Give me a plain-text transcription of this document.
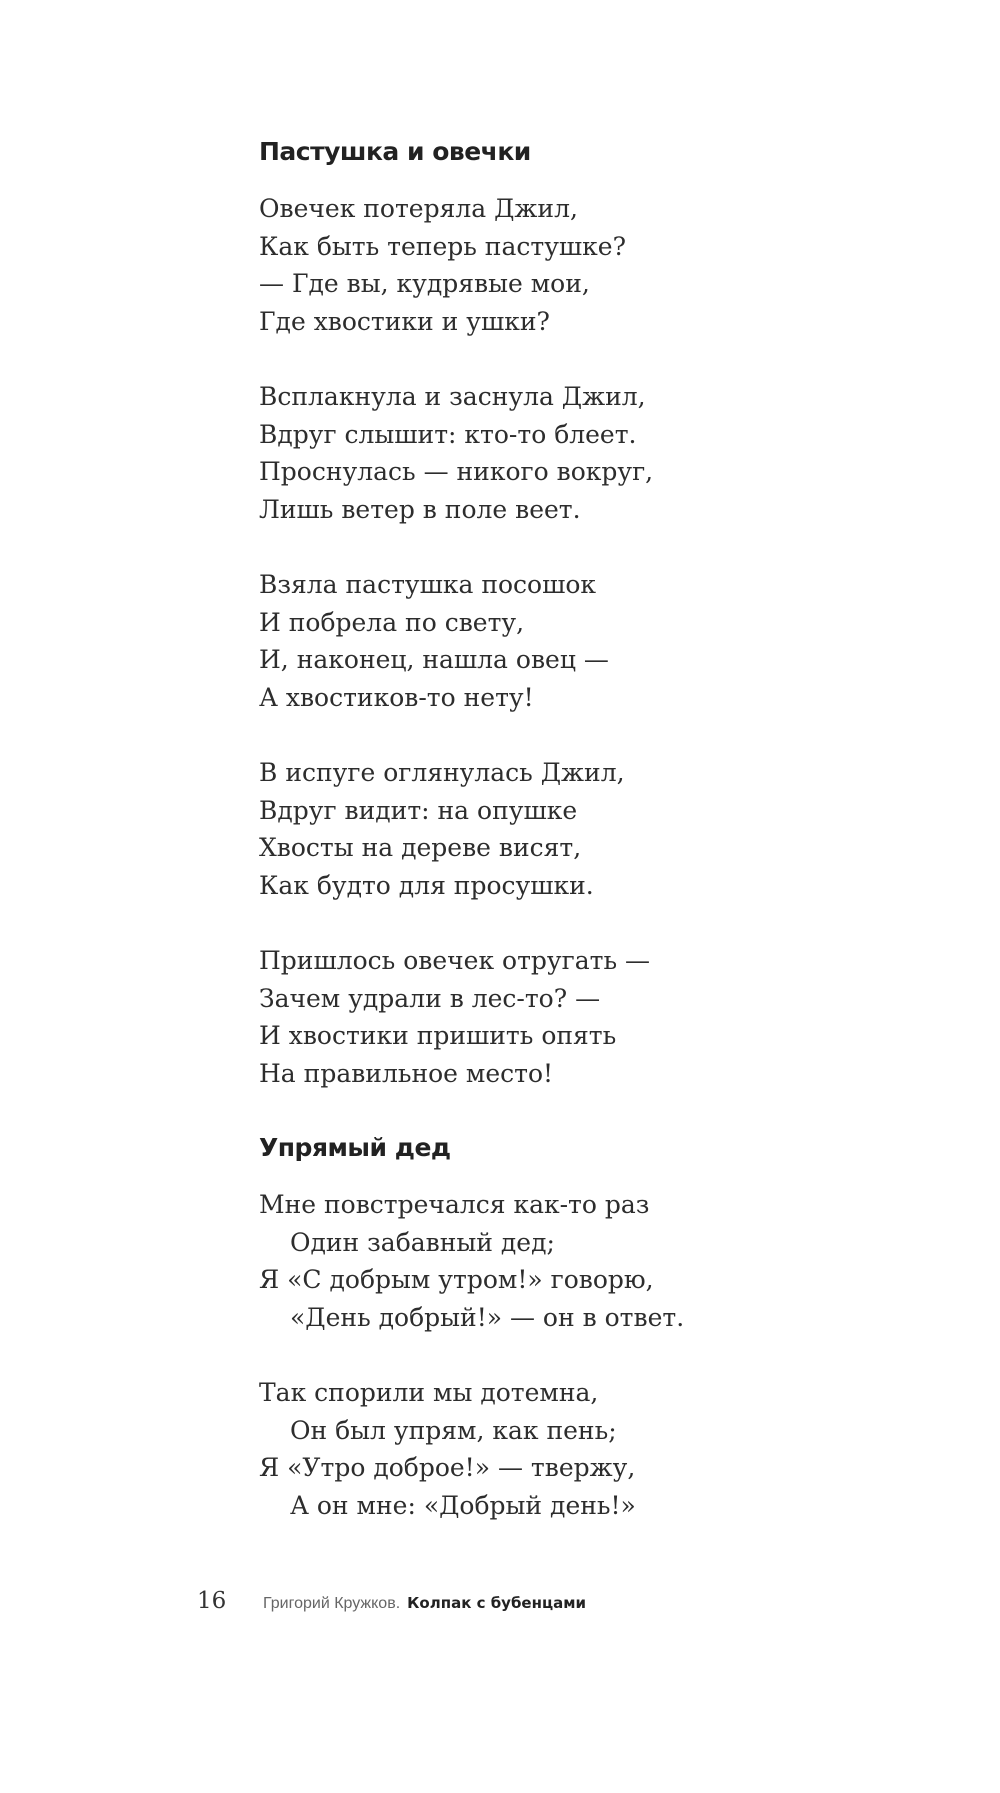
Пастушка и овечки
Овечек потеряла Джил,
Как быть теперь пастушке?
— Где вы, кудрявые мои,
Где хвостики и ушки?
Всплакнула и заснула Джил,
Вдруг слышит: кто-то блеет.
Проснулась — никого вокруг,
Лишь ветер в поле веет.
Взяла пастушка посошок
И побрела по свету,
И, наконец, нашла овец —
А хвостиков-то нету!
В испуге оглянулась Джил,
Вдруг видит: на опушке
Хвосты на дереве висят,
Как будто для просушки.
Пришлось овечек отругать —
Зачем удрали в лес-то? —
И хвостики пришить опять
На правильное место!
Упрямый дед
Мне повстречался как-то раз
Один забавный дед;
Я «С добрым утром!» говорю,
«День добрый!» — он в ответ.
Так спорили мы дотемна,
Он был упрям, как пень;
Я «Утро доброе!» — твержу,
А он мне: «Добрый день!»
16 Григорий Кружков. Колпак с бубенцами
